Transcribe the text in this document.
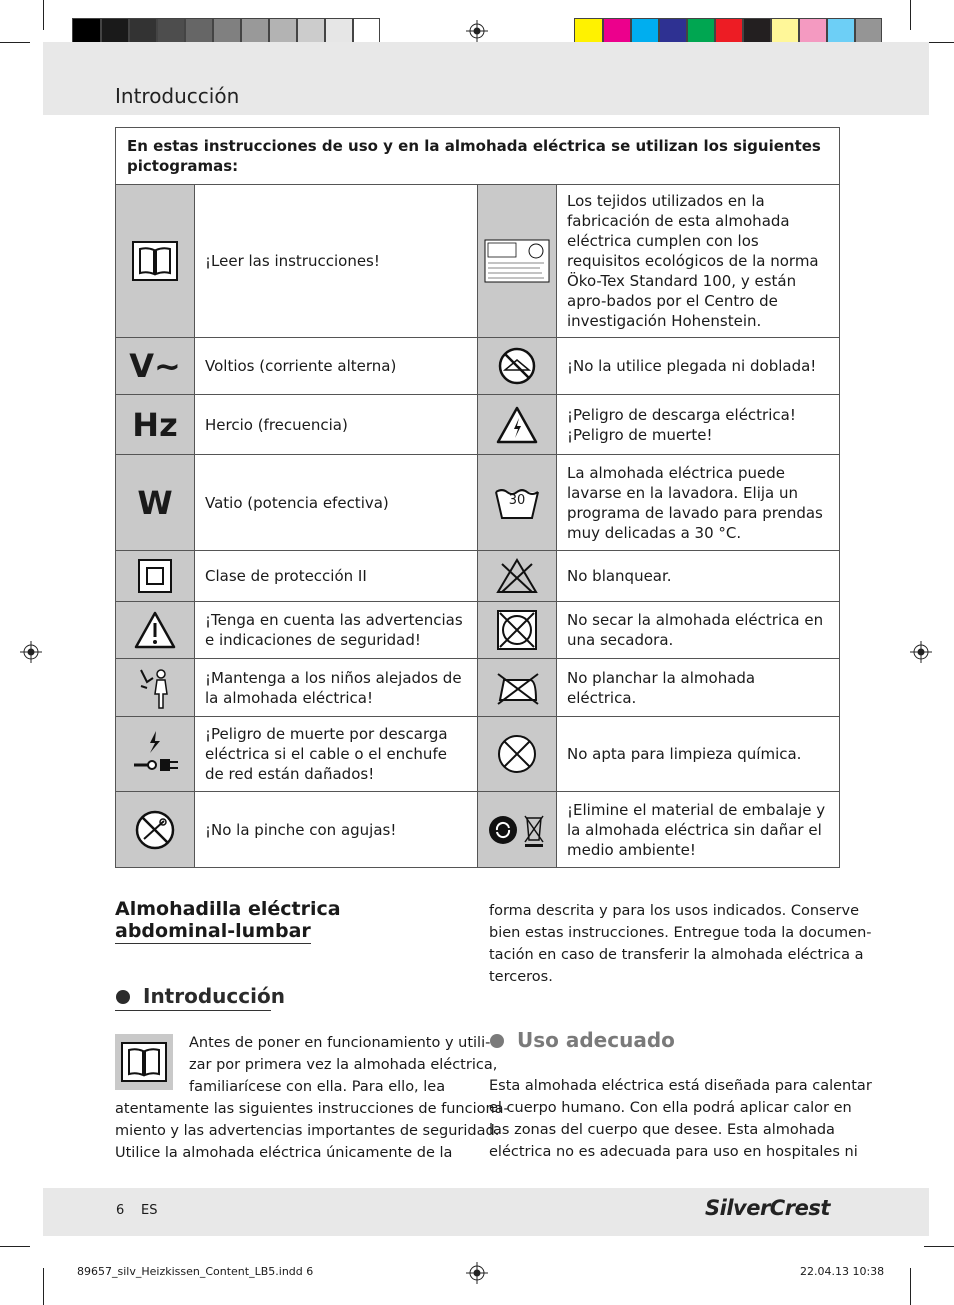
Introducción
En estas instrucciones de uso y en la almohada eléctrica se utilizan los siguientes pictogramas:			

	¡Leer las instrucciones!		Los tejidos utilizados en la fabricación de esta almohada eléctrica cumplen con los requisitos ecológicos de la norma Öko-Tex Standard 100, y están apro-bados por el Centro de investigación Hohenstein.

V~	Voltios (corriente alterna)		¡No la utilice plegada ni doblada!

Hz	Hercio (frecuencia)		¡Peligro de descarga eléctrica! ¡Peligro de muerte!

W	Vatio (potencia efectiva)	30	La almohada eléctrica puede lavarse en la lavadora. Elija un programa de lavado para prendas muy delicadas a 30 °C.

	Clase de protección II		No blanquear.

	¡Tenga en cuenta las advertencias e indicaciones de seguridad!		No secar la almohada eléctrica en una secadora.

	¡Mantenga a los niños alejados de la almohada eléctrica!		No planchar la almohada eléctrica.

	¡Peligro de muerte por descarga eléctrica si el cable o el enchufe de red están dañados!		No apta para limpieza química.

	¡No la pinche con agujas!		¡Elimine el material de embalaje y la almohada eléctrica sin dañar el medio ambiente!
Almohadilla eléctrica
abdominal-lumbar
Introducción
Antes de poner en funcionamiento y utili-
zar por primera vez la almohada eléctrica,
familiarícese con ella. Para ello, lea
atentamente las siguientes instrucciones de funciona-
miento y las advertencias importantes de seguridad.
Utilice la almohada eléctrica únicamente de la
forma descrita y para los usos indicados. Conserve
bien estas instrucciones. Entregue toda la documen-
tación en caso de transferir la almohada eléctrica a
terceros.
Uso adecuado
Esta almohada eléctrica está diseñada para calentar
el cuerpo humano. Con ella podrá aplicar calor en
las zonas del cuerpo que desee. Esta almohada
eléctrica no es adecuada para uso en hospitales ni
6 ES	SilverCrest
89657_silv_Heizkissen_Content_LB5.indd 6	22.04.13 10:38
